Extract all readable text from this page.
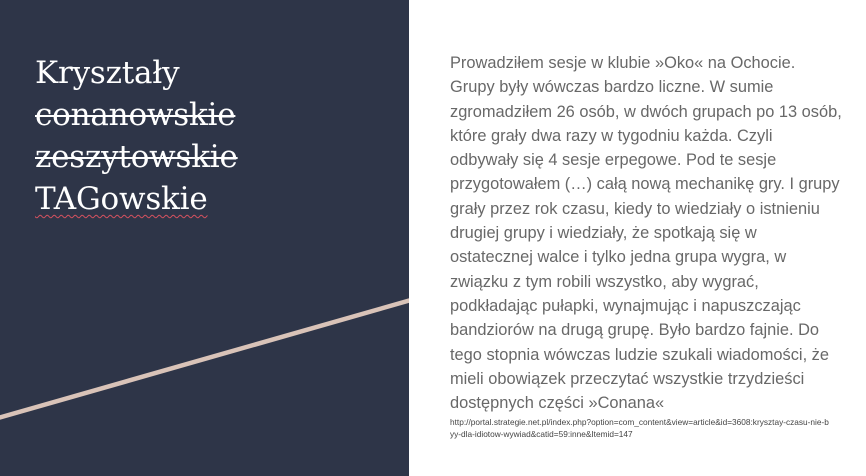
Kryształy
conanowskie
zeszytowskie
TAGowskie

Prowadziłem sesje w klubie »Oko« na Ochocie. Grupy były wówczas bardzo liczne. W sumie zgromadziłem 26 osób, w dwóch grupach po 13 osób, które grały dwa razy w tygodniu każda. Czyli odbywały się 4 sesje erpegowe. Pod te sesje przygotowałem (…) całą nową mechanikę gry. I grupy grały przez rok czasu, kiedy to wiedziały o istnieniu drugiej grupy i wiedziały, że spotkają się w ostatecznej walce i tylko jedna grupa wygra, w związku z tym robili wszystko, aby wygrać, podkładając pułapki, wynajmując i napuszczając bandziorów na drugą grupę. Było bardzo fajnie. Do tego stopnia wówczas ludzie szukali wiadomości, że mieli obowiązek przeczytać wszystkie trzydzieści dostępnych części »Conana«

http://portal.strategie.net.pl/index.php?option=com_content&view=article&id=3608:krysztay-czasu-nie-byy-dla-idiotow-wywiad&catid=59:inne&Itemid=147
